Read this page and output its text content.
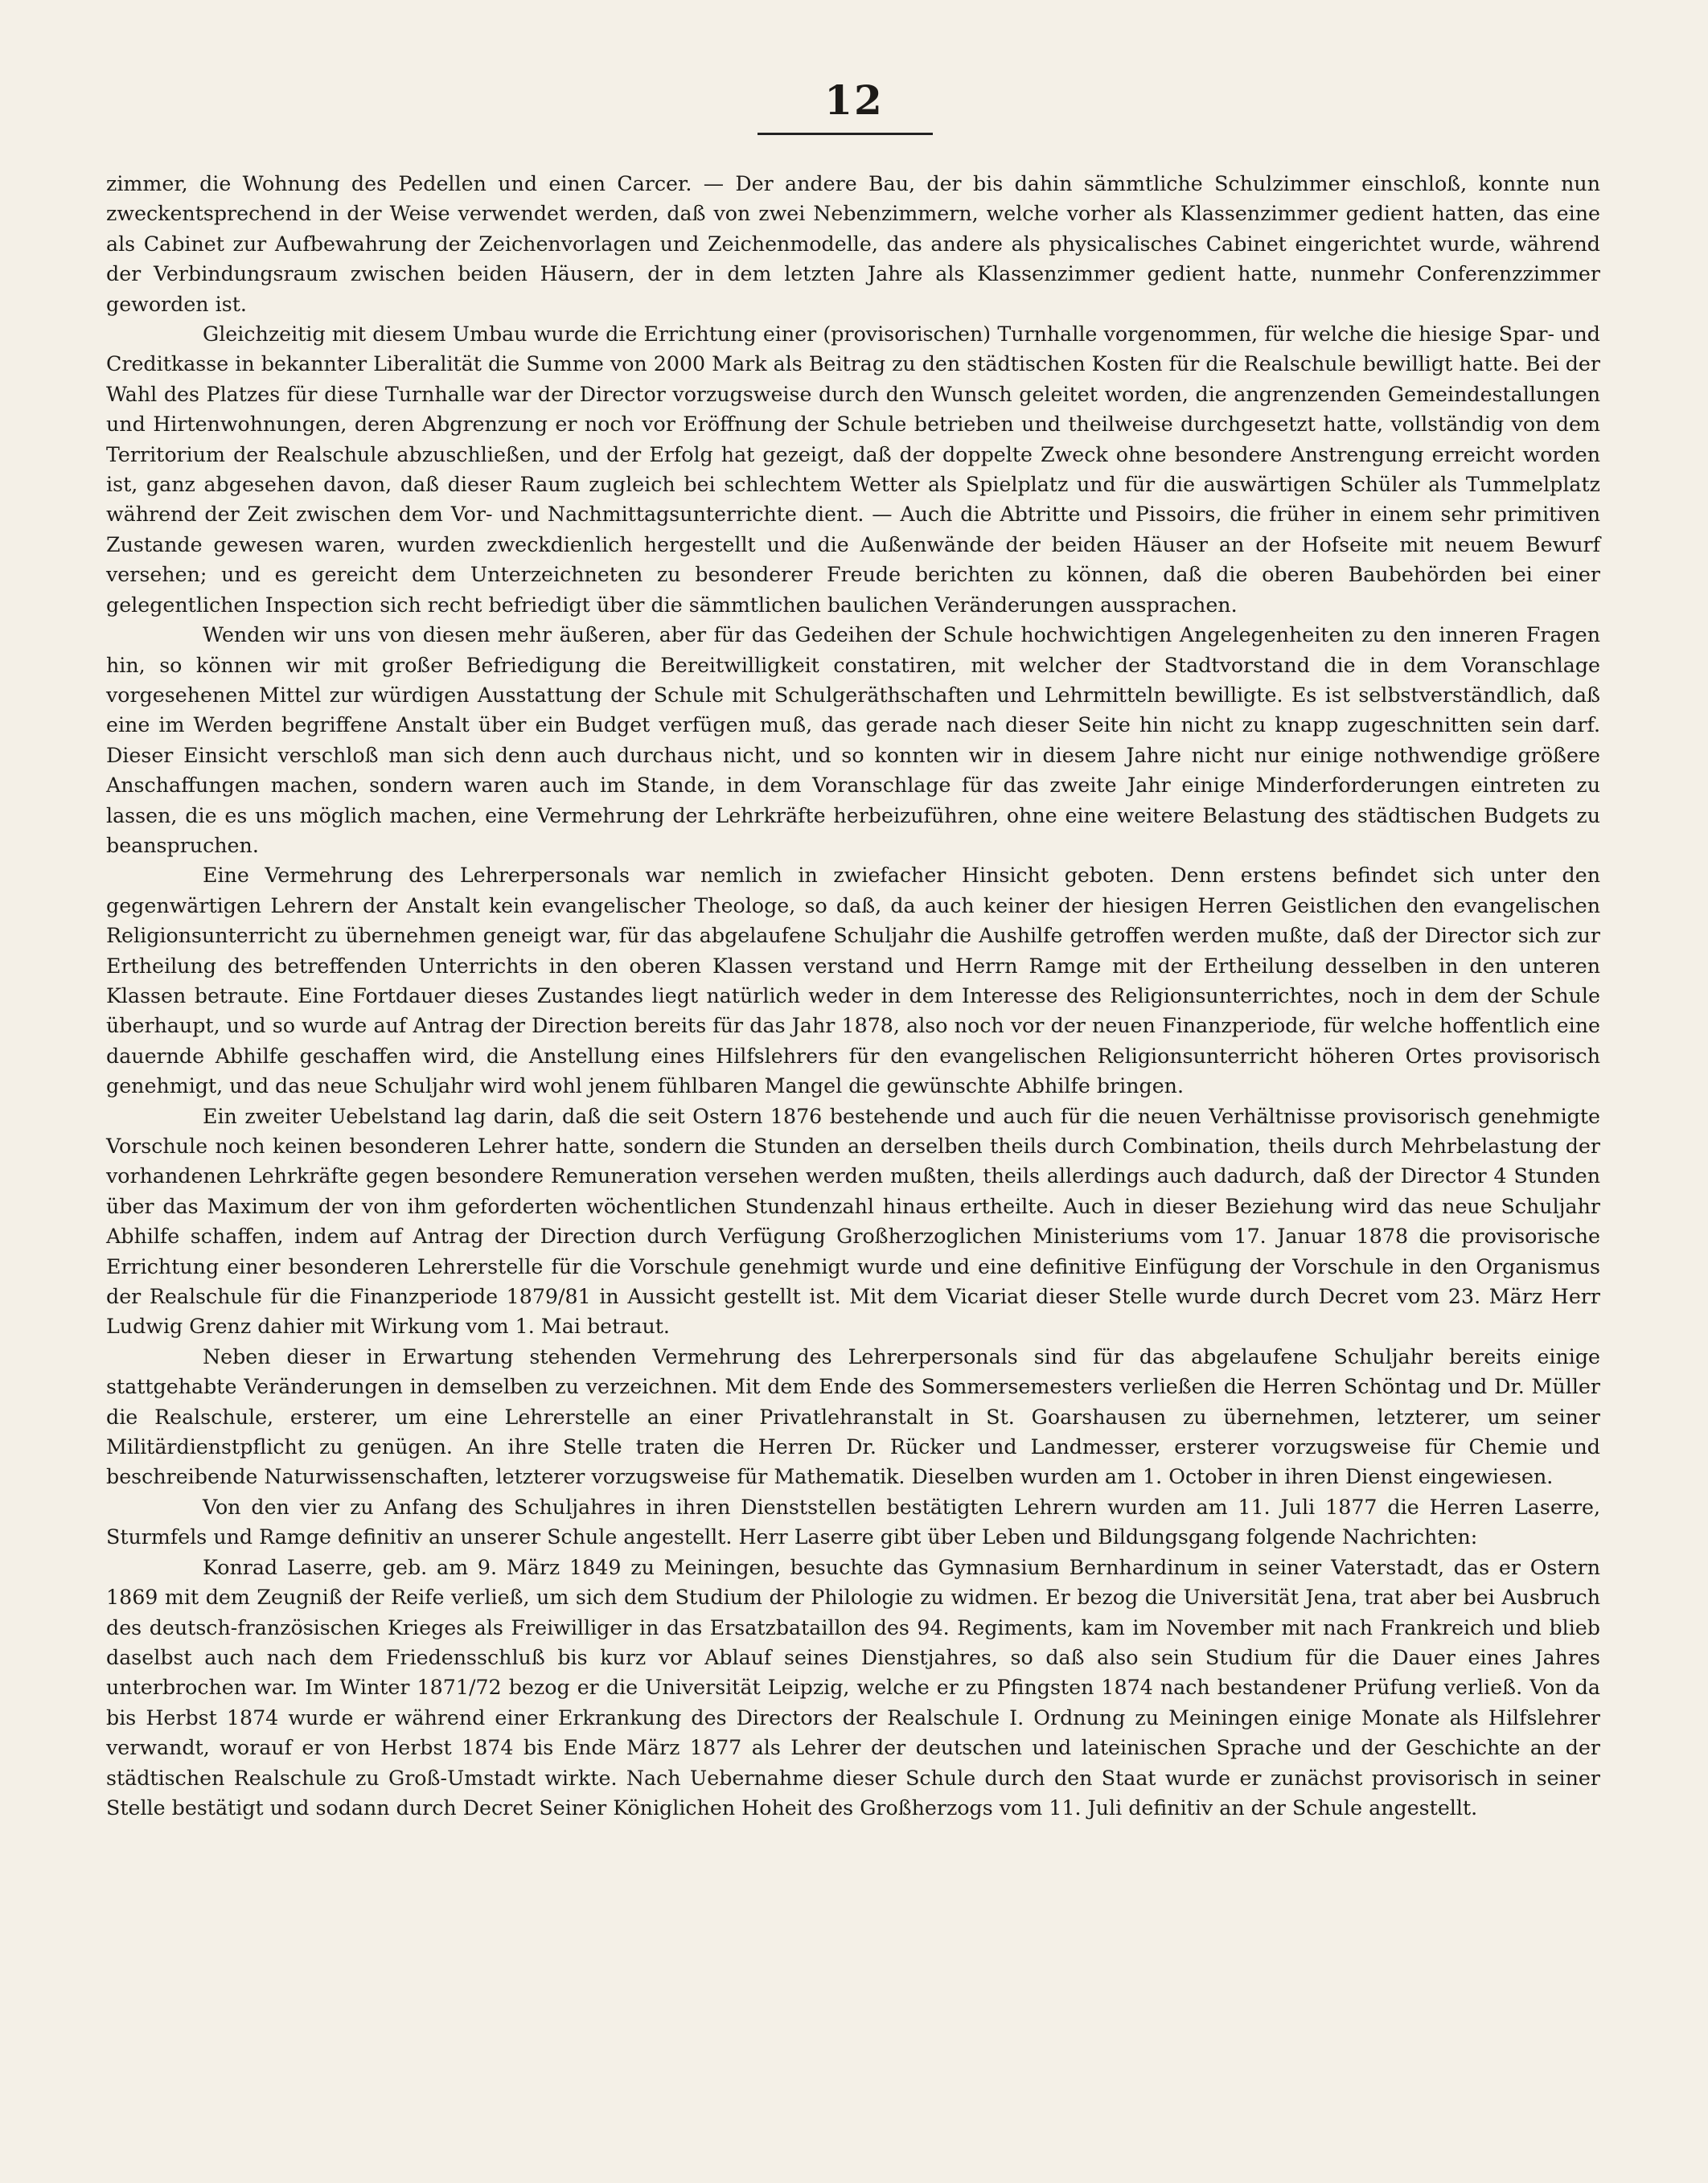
12

zimmer, die Wohnung des Pedellen und einen Carcer. — Der andere Bau, der bis dahin sämmtliche Schulzimmer einschloß, konnte nun zweckentsprechend in der Weise verwendet werden, daß von zwei Nebenzimmern, welche vorher als Klassenzimmer gedient hatten, das eine als Cabinet zur Aufbewahrung der Zeichenvorlagen und Zeichenmodelle, das andere als physicalisches Cabinet eingerichtet wurde, während der Verbindungsraum zwischen beiden Häusern, der in dem letzten Jahre als Klassenzimmer gedient hatte, nunmehr Conferenzzimmer geworden ist.

Gleichzeitig mit diesem Umbau wurde die Errichtung einer (provisorischen) Turnhalle vorgenommen, für welche die hiesige Spar- und Creditkasse in bekannter Liberalität die Summe von 2000 Mark als Beitrag zu den städtischen Kosten für die Realschule bewilligt hatte. Bei der Wahl des Platzes für diese Turnhalle war der Director vorzugsweise durch den Wunsch geleitet worden, die angrenzenden Gemeindestallungen und Hirtenwohnungen, deren Abgrenzung er noch vor Eröffnung der Schule betrieben und theilweise durchgesetzt hatte, vollständig von dem Territorium der Realschule abzuschließen, und der Erfolg hat gezeigt, daß der doppelte Zweck ohne besondere Anstrengung erreicht worden ist, ganz abgesehen davon, daß dieser Raum zugleich bei schlechtem Wetter als Spielplatz und für die auswärtigen Schüler als Tummelplatz während der Zeit zwischen dem Vor- und Nachmittagsunterrichte dient. — Auch die Abtritte und Pissoirs, die früher in einem sehr primitiven Zustande gewesen waren, wurden zweckdienlich hergestellt und die Außenwände der beiden Häuser an der Hofseite mit neuem Bewurf versehen; und es gereicht dem Unterzeichneten zu besonderer Freude berichten zu können, daß die oberen Baubehörden bei einer gelegentlichen Inspection sich recht befriedigt über die sämmtlichen baulichen Veränderungen aussprachen.

Wenden wir uns von diesen mehr äußeren, aber für das Gedeihen der Schule hochwichtigen Angelegenheiten zu den inneren Fragen hin, so können wir mit großer Befriedigung die Bereitwilligkeit constatiren, mit welcher der Stadtvorstand die in dem Voranschlage vorgesehenen Mittel zur würdigen Ausstattung der Schule mit Schulgeräthschaften und Lehrmitteln bewilligte. Es ist selbstverständlich, daß eine im Werden begriffene Anstalt über ein Budget verfügen muß, das gerade nach dieser Seite hin nicht zu knapp zugeschnitten sein darf. Dieser Einsicht verschloß man sich denn auch durchaus nicht, und so konnten wir in diesem Jahre nicht nur einige nothwendige größere Anschaffungen machen, sondern waren auch im Stande, in dem Voranschlage für das zweite Jahr einige Minderforderungen eintreten zu lassen, die es uns möglich machen, eine Vermehrung der Lehrkräfte herbeizuführen, ohne eine weitere Belastung des städtischen Budgets zu beanspruchen.

Eine Vermehrung des Lehrerpersonals war nemlich in zwiefacher Hinsicht geboten. Denn erstens befindet sich unter den gegenwärtigen Lehrern der Anstalt kein evangelischer Theologe, so daß, da auch keiner der hiesigen Herren Geistlichen den evangelischen Religionsunterricht zu übernehmen geneigt war, für das abgelaufene Schuljahr die Aushilfe getroffen werden mußte, daß der Director sich zur Ertheilung des betreffenden Unterrichts in den oberen Klassen verstand und Herrn Ramge mit der Ertheilung desselben in den unteren Klassen betraute. Eine Fortdauer dieses Zustandes liegt natürlich weder in dem Interesse des Religionsunterrichtes, noch in dem der Schule überhaupt, und so wurde auf Antrag der Direction bereits für das Jahr 1878, also noch vor der neuen Finanzperiode, für welche hoffentlich eine dauernde Abhilfe geschaffen wird, die Anstellung eines Hilfslehrers für den evangelischen Religionsunterricht höheren Ortes provisorisch genehmigt, und das neue Schuljahr wird wohl jenem fühlbaren Mangel die gewünschte Abhilfe bringen.

Ein zweiter Uebelstand lag darin, daß die seit Ostern 1876 bestehende und auch für die neuen Verhältnisse provisorisch genehmigte Vorschule noch keinen besonderen Lehrer hatte, sondern die Stunden an derselben theils durch Combination, theils durch Mehrbelastung der vorhandenen Lehrkräfte gegen besondere Remuneration versehen werden mußten, theils allerdings auch dadurch, daß der Director 4 Stunden über das Maximum der von ihm geforderten wöchentlichen Stundenzahl hinaus ertheilte. Auch in dieser Beziehung wird das neue Schuljahr Abhilfe schaffen, indem auf Antrag der Direction durch Verfügung Großherzoglichen Ministeriums vom 17. Januar 1878 die provisorische Errichtung einer besonderen Lehrerstelle für die Vorschule genehmigt wurde und eine definitive Einfügung der Vorschule in den Organismus der Realschule für die Finanzperiode 1879/81 in Aussicht gestellt ist. Mit dem Vicariat dieser Stelle wurde durch Decret vom 23. März Herr Ludwig Grenz dahier mit Wirkung vom 1. Mai betraut.

Neben dieser in Erwartung stehenden Vermehrung des Lehrerpersonals sind für das abgelaufene Schuljahr bereits einige stattgehabte Veränderungen in demselben zu verzeichnen. Mit dem Ende des Sommersemesters verließen die Herren Schöntag und Dr. Müller die Realschule, ersterer, um eine Lehrerstelle an einer Privatlehranstalt in St. Goarshausen zu übernehmen, letzterer, um seiner Militärdienstpflicht zu genügen. An ihre Stelle traten die Herren Dr. Rücker und Landmesser, ersterer vorzugsweise für Chemie und beschreibende Naturwissenschaften, letzterer vorzugsweise für Mathematik. Dieselben wurden am 1. October in ihren Dienst eingewiesen.

Von den vier zu Anfang des Schuljahres in ihren Dienststellen bestätigten Lehrern wurden am 11. Juli 1877 die Herren Laserre, Sturmfels und Ramge definitiv an unserer Schule angestellt. Herr Laserre gibt über Leben und Bildungsgang folgende Nachrichten:

Konrad Laserre, geb. am 9. März 1849 zu Meiningen, besuchte das Gymnasium Bernhardinum in seiner Vaterstadt, das er Ostern 1869 mit dem Zeugniß der Reife verließ, um sich dem Studium der Philologie zu widmen. Er bezog die Universität Jena, trat aber bei Ausbruch des deutsch-französischen Krieges als Freiwilliger in das Ersatzbataillon des 94. Regiments, kam im November mit nach Frankreich und blieb daselbst auch nach dem Friedensschluß bis kurz vor Ablauf seines Dienstjahres, so daß also sein Studium für die Dauer eines Jahres unterbrochen war. Im Winter 1871/72 bezog er die Universität Leipzig, welche er zu Pfingsten 1874 nach bestandener Prüfung verließ. Von da bis Herbst 1874 wurde er während einer Erkrankung des Directors der Realschule I. Ordnung zu Meiningen einige Monate als Hilfslehrer verwandt, worauf er von Herbst 1874 bis Ende März 1877 als Lehrer der deutschen und lateinischen Sprache und der Geschichte an der städtischen Realschule zu Groß-Umstadt wirkte. Nach Uebernahme dieser Schule durch den Staat wurde er zunächst provisorisch in seiner Stelle bestätigt und sodann durch Decret Seiner Königlichen Hoheit des Großherzogs vom 11. Juli definitiv an der Schule angestellt.
